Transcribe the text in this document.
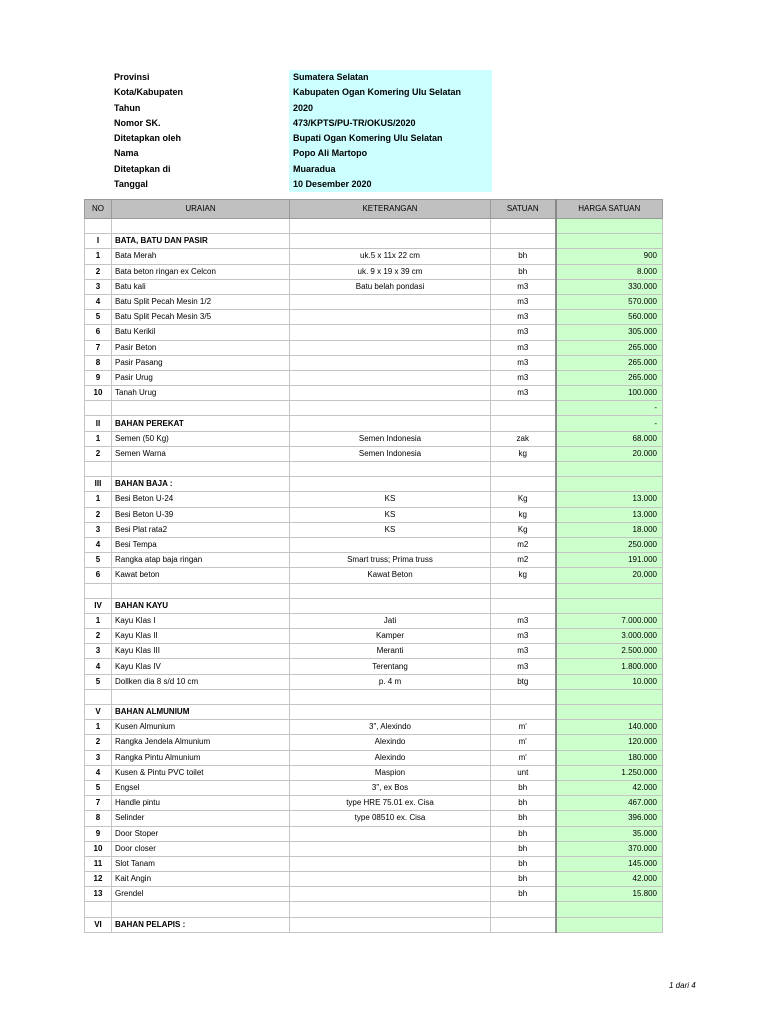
Provinsi	Sumatera Selatan
Kota/Kabupaten	Kabupaten Ogan Komering Ulu Selatan
Tahun	2020
Nomor SK.	473/KPTS/PU-TR/OKUS/2020
Ditetapkan oleh	Bupati Ogan Komering Ulu Selatan
Nama	Popo Ali Martopo
Ditetapkan di	Muaradua
Tanggal	10 Desember 2020
NO	URAIAN	KETERANGAN	SATUAN	HARGA SATUAN

I	BATA, BATU DAN PASIR			
1	Bata Merah	uk.5 x 11x 22 cm	bh	900
2	Bata beton ringan ex Celcon	uk. 9 x 19 x 39 cm	bh	8.000
3	Batu kali	Batu belah pondasi	m3	330.000
4	Batu Split Pecah Mesin 1/2		m3	570.000
5	Batu Split Pecah Mesin 3/5		m3	560.000
6	Batu Kerikil		m3	305.000
7	Pasir Beton		m3	265.000
8	Pasir Pasang		m3	265.000
9	Pasir Urug		m3	265.000
10	Tanah Urug		m3	100.000
				-
II	BAHAN PEREKAT			-
1	Semen (50 Kg)	Semen Indonesia	zak	68.000
2	Semen Warna	Semen Indonesia	kg	20.000

III	BAHAN BAJA :			
1	Besi Beton U-24	KS	Kg	13.000
2	Besi Beton U-39	KS	kg	13.000
3	Besi Plat rata2	KS	Kg	18.000
4	Besi Tempa		m2	250.000
5	Rangka atap baja ringan	Smart truss; Prima truss	m2	191.000
6	Kawat beton	Kawat Beton	kg	20.000

IV	BAHAN KAYU			
1	Kayu Klas I	Jati	m3	7.000.000
2	Kayu Klas II	Kamper	m3	3.000.000
3	Kayu Klas III	Meranti	m3	2.500.000
4	Kayu Klas IV	Terentang	m3	1.800.000
5	Dollken dia 8 s/d 10 cm	p. 4 m	btg	10.000

V	BAHAN ALMUNIUM			
1	Kusen Almunium	3", Alexindo	m'	140.000
2	Rangka Jendela Almunium	Alexindo	m'	120.000
3	Rangka Pintu Almunium	Alexindo	m'	180.000
4	Kusen & Pintu PVC toilet	Maspion	unt	1.250.000
5	Engsel	3", ex Bos	bh	42.000
7	Handle pintu	type HRE 75.01 ex. Cisa	bh	467.000
8	Selinder	type 08510 ex. Cisa	bh	396.000
9	Door Stoper		bh	35.000
10	Door closer		bh	370.000
11	Slot Tanam		bh	145.000
12	Kait Angin		bh	42.000
13	Grendel		bh	15.800

VI	BAHAN PELAPIS :			
1 dari 4
